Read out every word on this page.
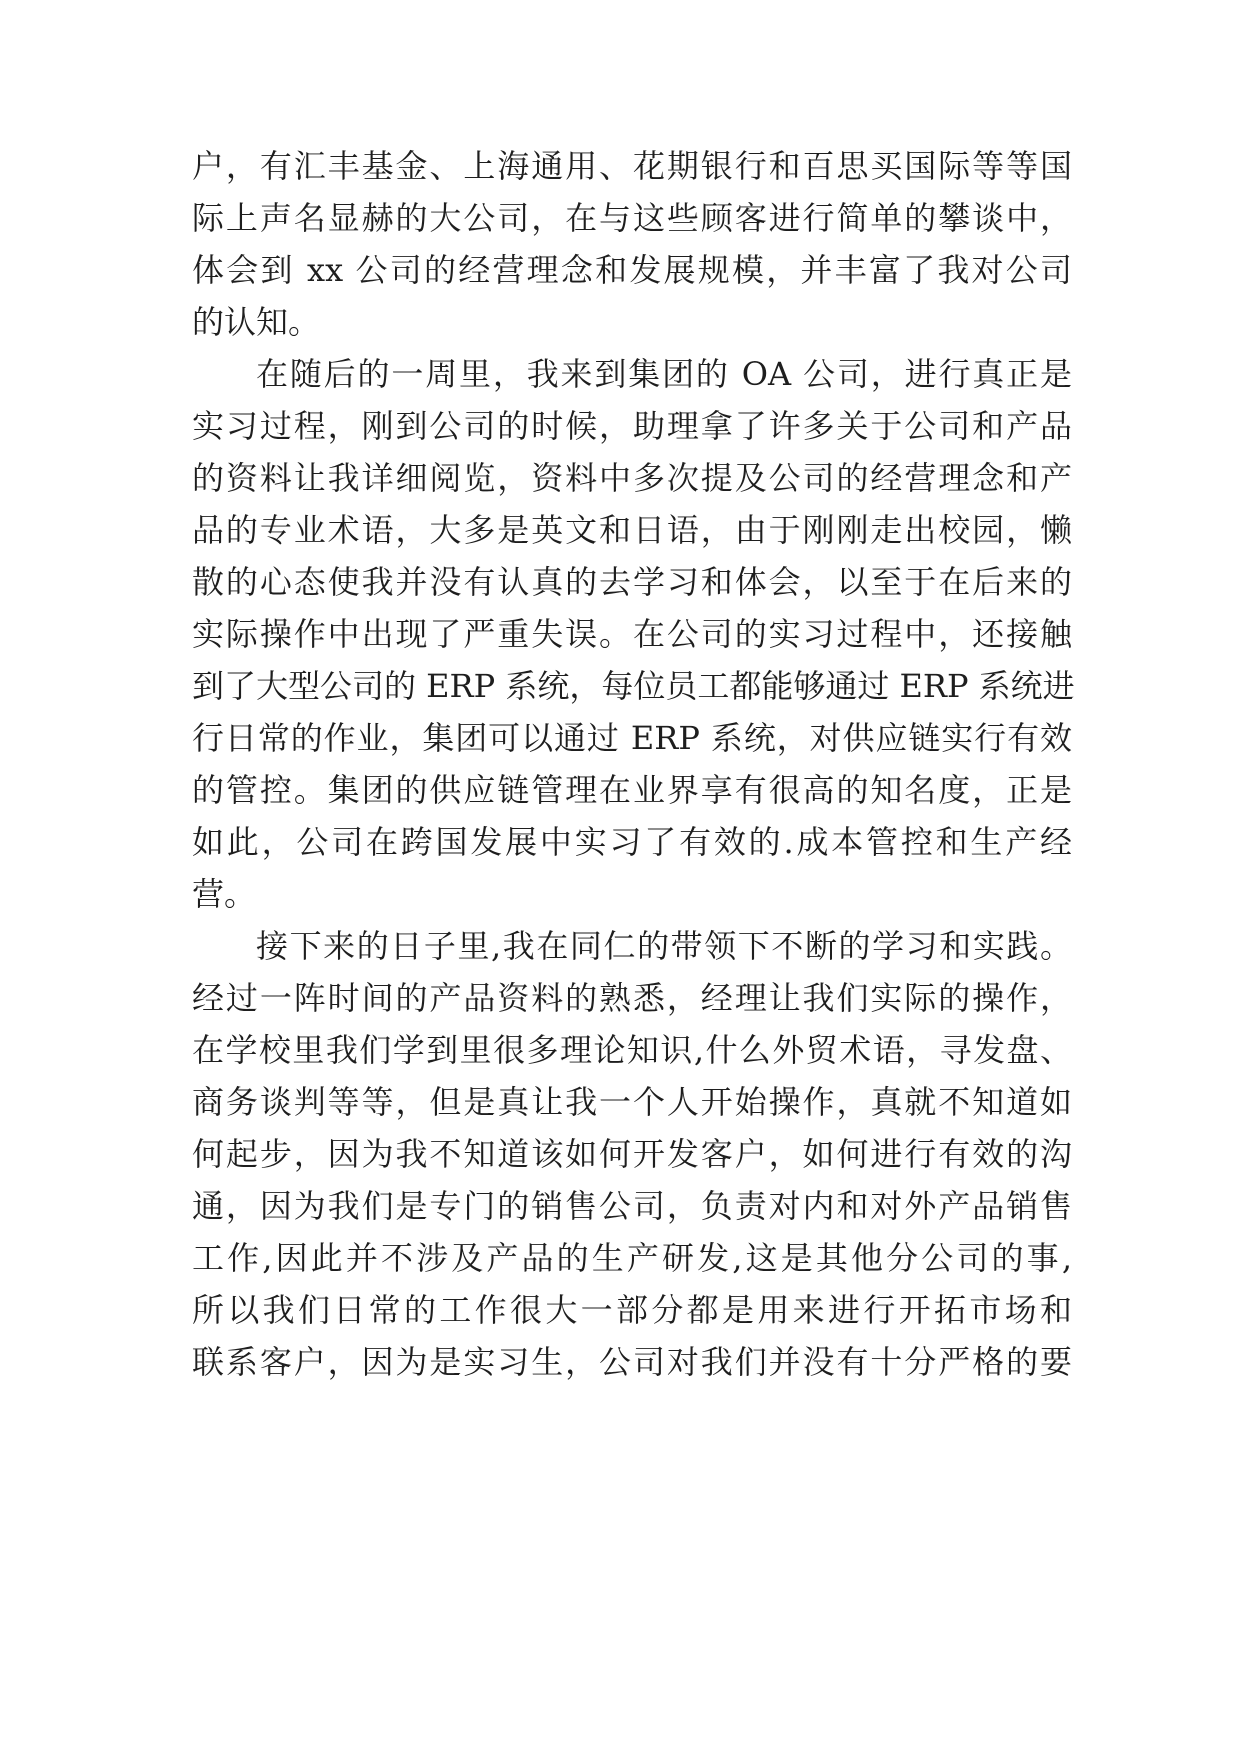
户，有汇丰基金、上海通用、花期银行和百思买国际等等国
际上声名显赫的大公司，在与这些顾客进行简单的攀谈中，
体会到 xx 公司的经营理念和发展规模，并丰富了我对公司
的认知。
在随后的一周里，我来到集团的 OA 公司，进行真正是
实习过程，刚到公司的时候，助理拿了许多关于公司和产品
的资料让我详细阅览，资料中多次提及公司的经营理念和产
品的专业术语，大多是英文和日语，由于刚刚走出校园，懒
散的心态使我并没有认真的去学习和体会，以至于在后来的
实际操作中出现了严重失误。在公司的实习过程中，还接触
到了大型公司的 ERP 系统，每位员工都能够通过 ERP 系统进
行日常的作业，集团可以通过 ERP 系统，对供应链实行有效
的管控。集团的供应链管理在业界享有很高的知名度，正是
如此，公司在跨国发展中实习了有效的.成本管控和生产经
营。
接下来的日子里,我在同仁的带领下不断的学习和实践。
经过一阵时间的产品资料的熟悉，经理让我们实际的操作，
在学校里我们学到里很多理论知识,什么外贸术语，寻发盘、
商务谈判等等，但是真让我一个人开始操作，真就不知道如
何起步，因为我不知道该如何开发客户，如何进行有效的沟
通，因为我们是专门的销售公司，负责对内和对外产品销售
工作,因此并不涉及产品的生产研发,这是其他分公司的事,
所以我们日常的工作很大一部分都是用来进行开拓市场和
联系客户，因为是实习生，公司对我们并没有十分严格的要
